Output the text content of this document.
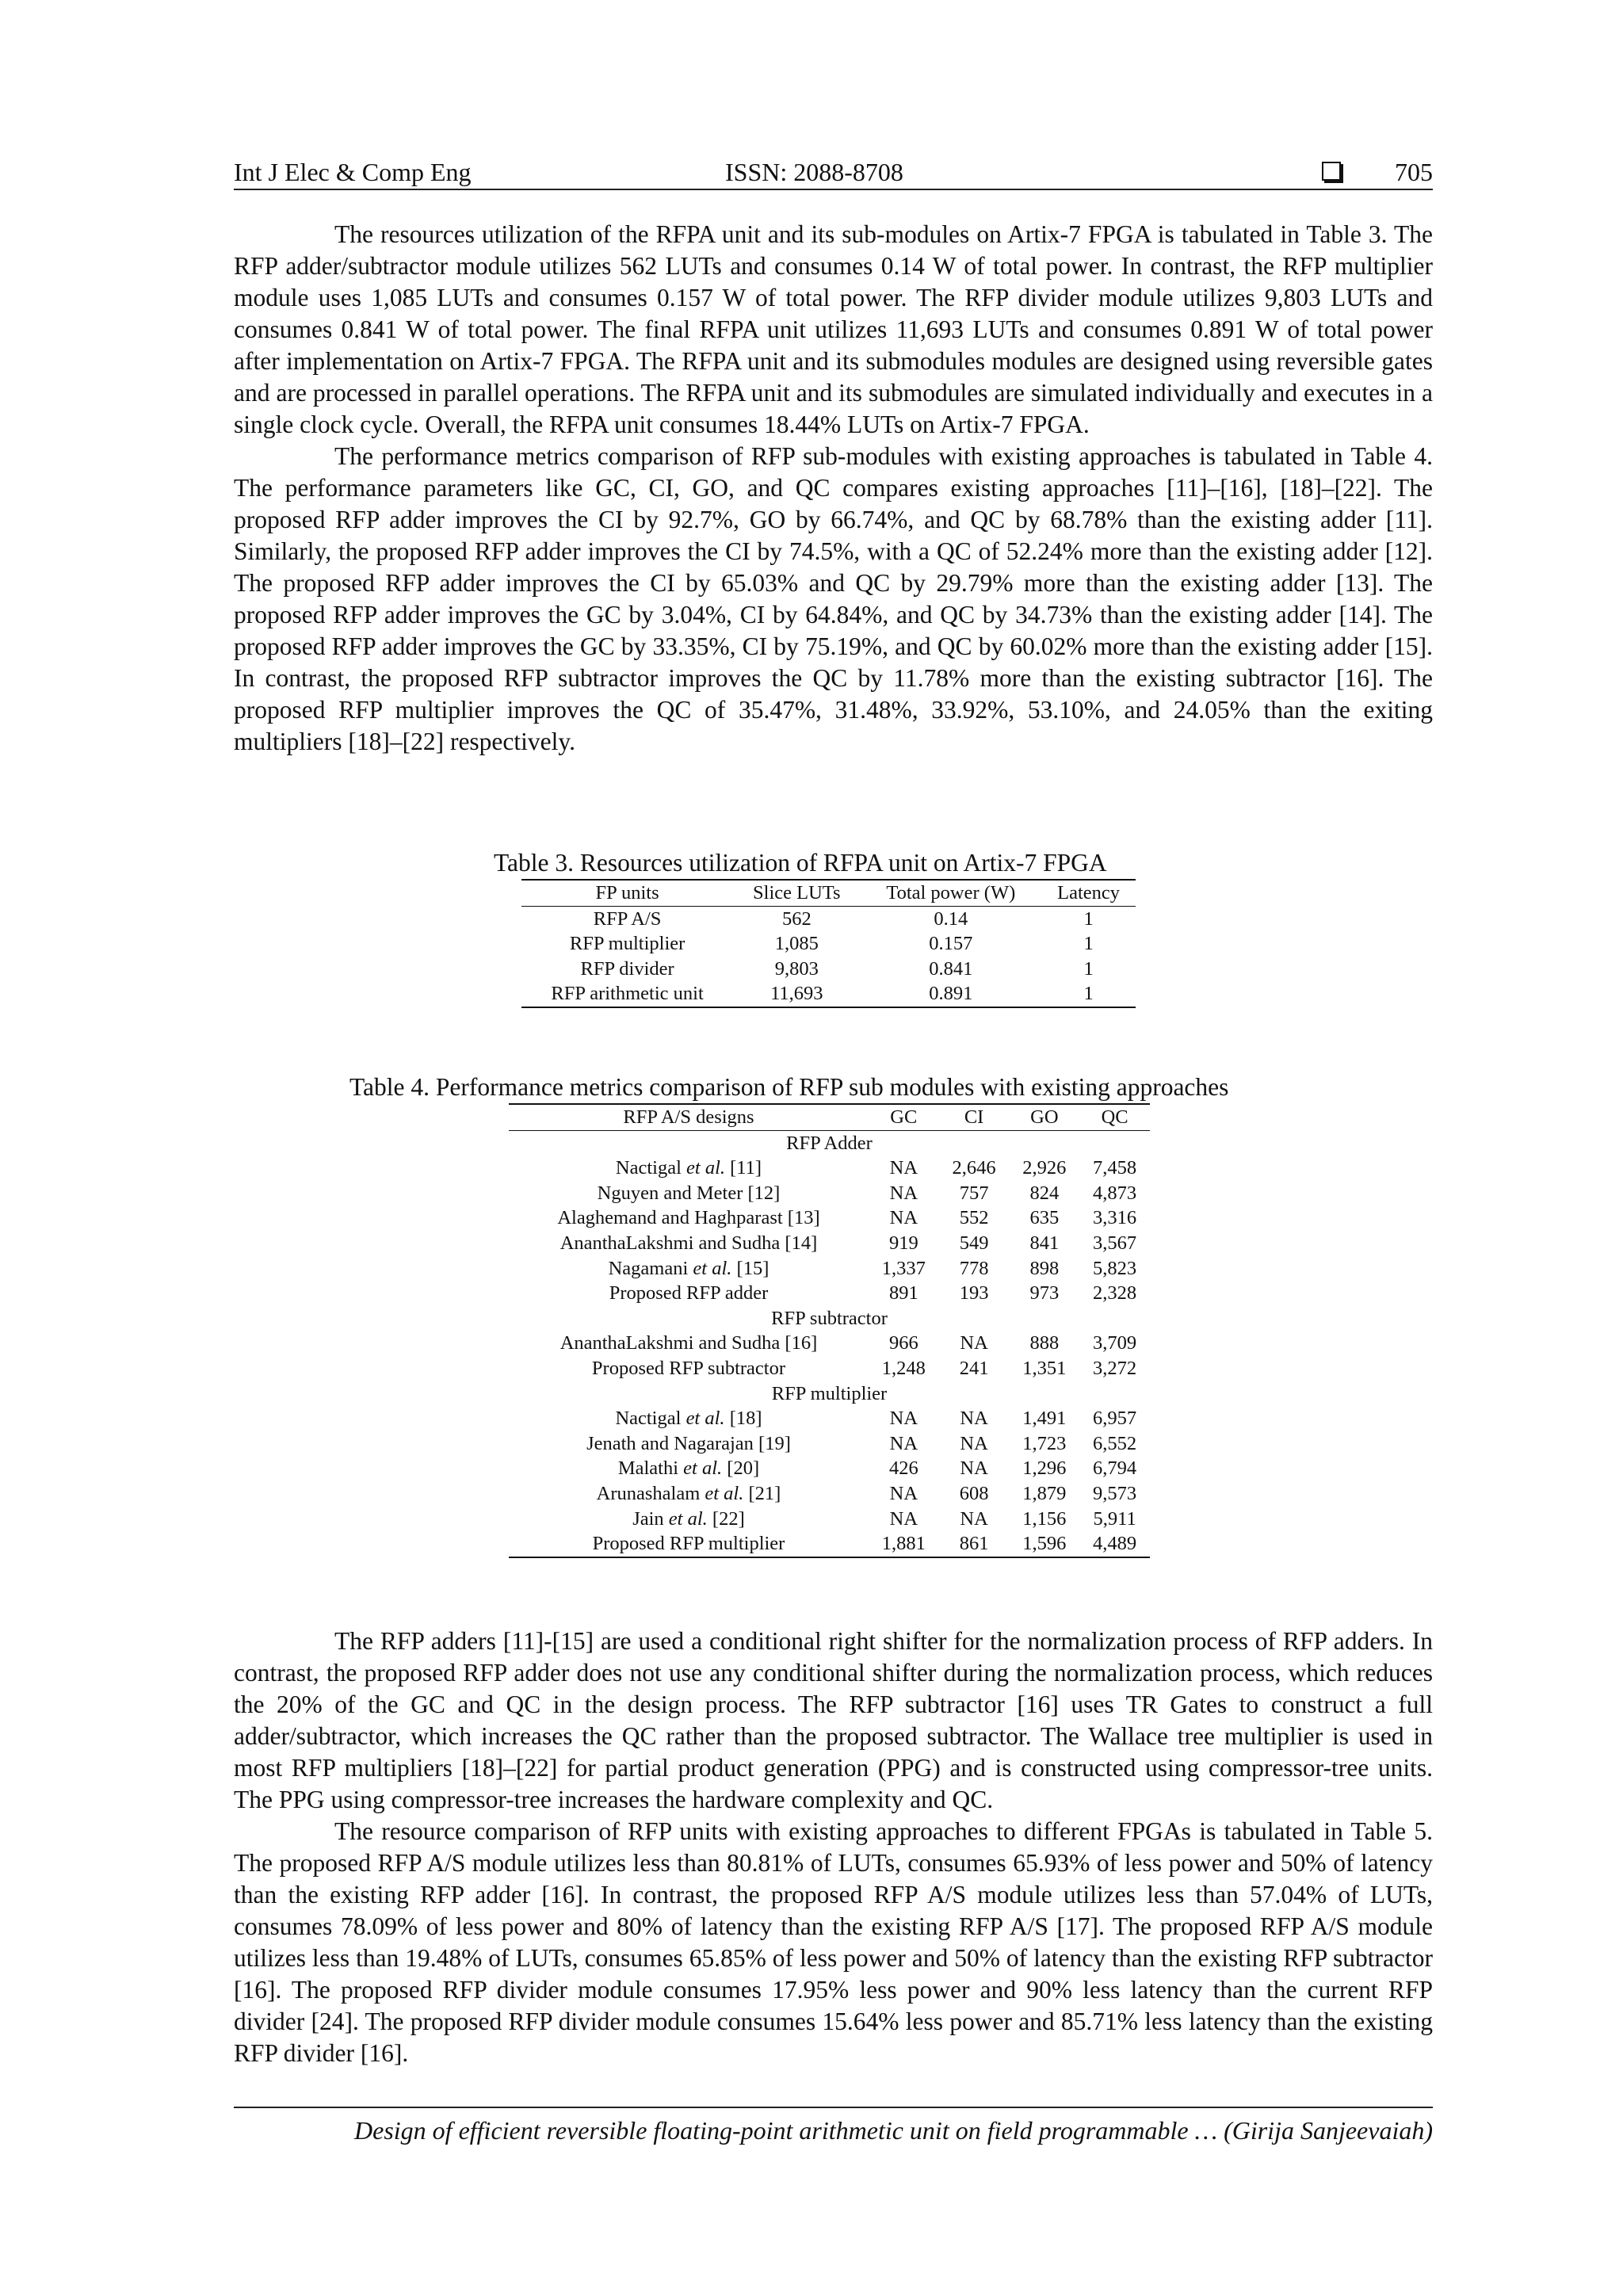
Int J Elec & Comp Eng	ISSN: 2088-8708	705

The resources utilization of the RFPA unit and its sub-modules on Artix-7 FPGA is tabulated in Table 3. The RFP adder/subtractor module utilizes 562 LUTs and consumes 0.14 W of total power. In contrast, the RFP multiplier module uses 1,085 LUTs and consumes 0.157 W of total power. The RFP divider module utilizes 9,803 LUTs and consumes 0.841 W of total power. The final RFPA unit utilizes 11,693 LUTs and consumes 0.891 W of total power after implementation on Artix-7 FPGA. The RFPA unit and its submodules modules are designed using reversible gates and are processed in parallel operations. The RFPA unit and its submodules are simulated individually and executes in a single clock cycle. Overall, the RFPA unit consumes 18.44% LUTs on Artix-7 FPGA.

The performance metrics comparison of RFP sub-modules with existing approaches is tabulated in Table 4. The performance parameters like GC, CI, GO, and QC compares existing approaches [11]–[16], [18]–[22]. The proposed RFP adder improves the CI by 92.7%, GO by 66.74%, and QC by 68.78% than the existing adder [11]. Similarly, the proposed RFP adder improves the CI by 74.5%, with a QC of 52.24% more than the existing adder [12]. The proposed RFP adder improves the CI by 65.03% and QC by 29.79% more than the existing adder [13]. The proposed RFP adder improves the GC by 3.04%, CI by 64.84%, and QC by 34.73% than the existing adder [14]. The proposed RFP adder improves the GC by 33.35%, CI by 75.19%, and QC by 60.02% more than the existing adder [15]. In contrast, the proposed RFP subtractor improves the QC by 11.78% more than the existing subtractor [16]. The proposed RFP multiplier improves the QC of 35.47%, 31.48%, 33.92%, 53.10%, and 24.05% than the exiting multipliers [18]–[22] respectively.

Table 3. Resources utilization of RFPA unit on Artix-7 FPGA
FP units	Slice LUTs	Total power (W)	Latency
RFP A/S	562	0.14	1
RFP multiplier	1,085	0.157	1
RFP divider	9,803	0.841	1
RFP arithmetic unit	11,693	0.891	1
Table 4. Performance metrics comparison of RFP sub modules with existing approaches
RFP A/S designs	GC	CI	GO	QC
RFP Adder				
Nactigal et al. [11]	NA	2,646	2,926	7,458
Nguyen and Meter [12]	NA	757	824	4,873
Alaghemand and Haghparast [13]	NA	552	635	3,316
AnanthaLakshmi and Sudha [14]	919	549	841	3,567
Nagamani et al. [15]	1,337	778	898	5,823
Proposed RFP adder	891	193	973	2,328
RFP subtractor				
AnanthaLakshmi and Sudha [16]	966	NA	888	3,709
Proposed RFP subtractor	1,248	241	1,351	3,272
RFP multiplier				
Nactigal et al. [18]	NA	NA	1,491	6,957
Jenath and Nagarajan [19]	NA	NA	1,723	6,552
Malathi et al. [20]	426	NA	1,296	6,794
Arunashalam et al. [21]	NA	608	1,879	9,573
Jain et al. [22]	NA	NA	1,156	5,911
Proposed RFP multiplier	1,881	861	1,596	4,489

The RFP adders [11]-[15] are used a conditional right shifter for the normalization process of RFP adders. In contrast, the proposed RFP adder does not use any conditional shifter during the normalization process, which reduces the 20% of the GC and QC in the design process. The RFP subtractor [16] uses TR Gates to construct a full adder/subtractor, which increases the QC rather than the proposed subtractor. The Wallace tree multiplier is used in most RFP multipliers [18]–[22] for partial product generation (PPG) and is constructed using compressor-tree units. The PPG using compressor-tree increases the hardware complexity and QC.

The resource comparison of RFP units with existing approaches to different FPGAs is tabulated in Table 5. The proposed RFP A/S module utilizes less than 80.81% of LUTs, consumes 65.93% of less power and 50% of latency than the existing RFP adder [16]. In contrast, the proposed RFP A/S module utilizes less than 57.04% of LUTs, consumes 78.09% of less power and 80% of latency than the existing RFP A/S [17]. The proposed RFP A/S module utilizes less than 19.48% of LUTs, consumes 65.85% of less power and 50% of latency than the existing RFP subtractor [16]. The proposed RFP divider module consumes 17.95% less power and 90% less latency than the current RFP divider [24]. The proposed RFP divider module consumes 15.64% less power and 85.71% less latency than the existing RFP divider [16].

Design of efficient reversible floating-point arithmetic unit on field programmable … (Girija Sanjeevaiah)
